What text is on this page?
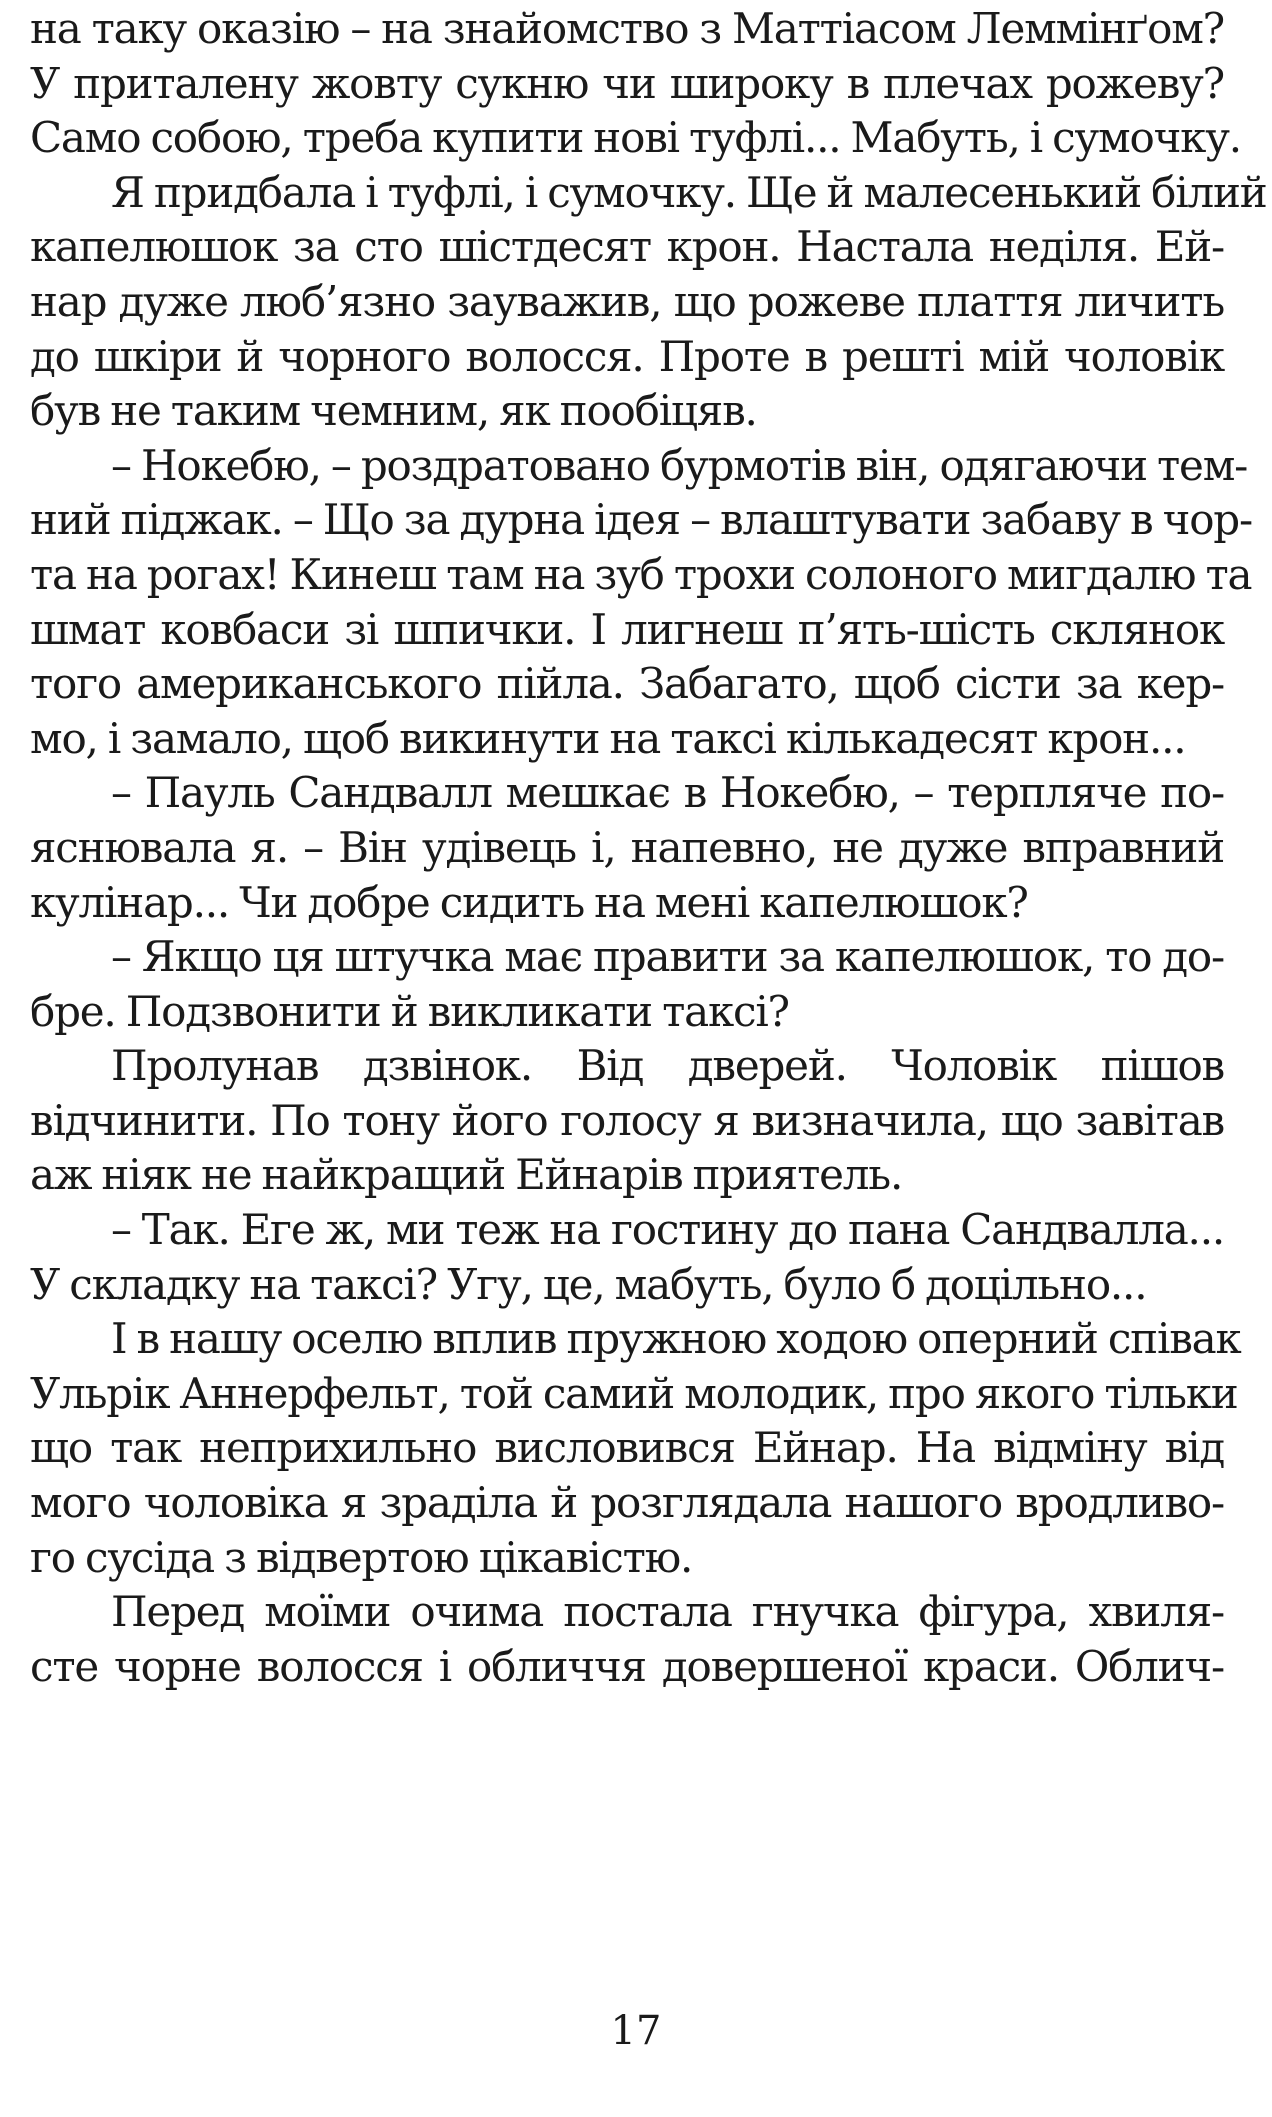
на таку оказію – на знайомство з Маттіасом Леммінґом?
У приталену жовту сукню чи широку в плечах рожеву?
Само собою, треба купити нові туфлі... Мабуть, і сумочку.
Я придбала і туфлі, і сумочку. Ще й малесенький білий
капелюшок за сто шістдесят крон. Настала неділя. Ей-
нар дуже люб’язно зауважив, що рожеве плаття личить
до шкіри й чорного волосся. Проте в решті мій чоловік
був не таким чемним, як пообіцяв.
– Нокебю, – роздратовано бурмотів він, одягаючи тем-
ний піджак. – Що за дурна ідея – влаштувати забаву в чор-
та на рогах! Кинеш там на зуб трохи солоного мигдалю та
шмат ковбаси зі шпички. І лигнеш п’ять-шість склянок
того американського пійла. Забагато, щоб сісти за кер-
мо, і замало, щоб викинути на таксі кількадесят крон...
– Пауль Сандвалл мешкає в Нокебю, – терпляче по-
яснювала я. – Він удівець і, напевно, не дуже вправний
кулінар... Чи добре сидить на мені капелюшок?
– Якщо ця штучка має правити за капелюшок, то до-
бре. Подзвонити й викликати таксі?
Пролунав дзвінок. Від дверей. Чоловік пішов
відчинити. По тону його голосу я визначила, що завітав
аж ніяк не найкращий Ейнарів приятель.
– Так. Еге ж, ми теж на гостину до пана Сандвалла...
У складку на таксі? Угу, це, мабуть, було б доцільно...
І в нашу оселю вплив пружною ходою оперний співак
Ульрік Аннерфельт, той самий молодик, про якого тільки
що так неприхильно висловився Ейнар. На відміну від
мого чоловіка я зраділа й розглядала нашого вродливо-
го сусіда з відвертою цікавістю.
Перед моїми очима постала гнучка фігура, хвиля-
сте чорне волосся і обличчя довершеної краси. Облич-
17
